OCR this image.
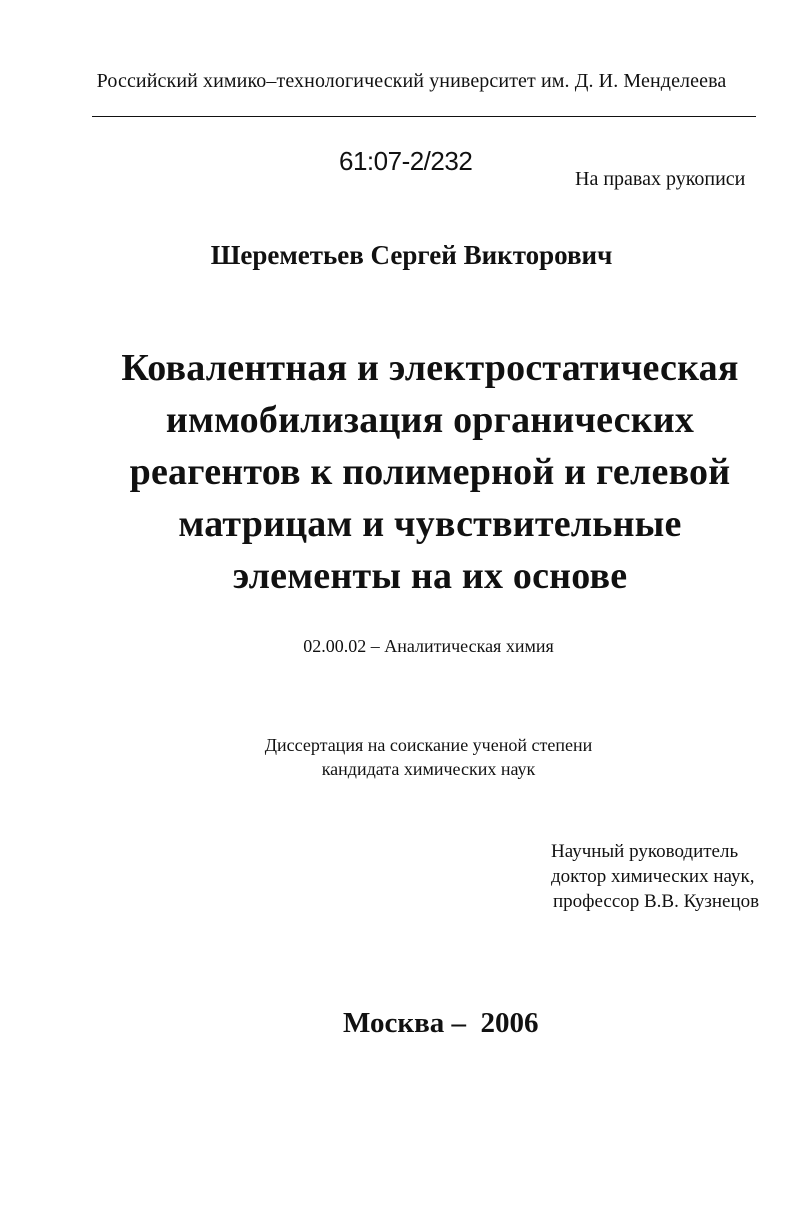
Российский химико–технологический университет им. Д. И. Менделеева
61:07-2/232
На правах рукописи
Шереметьев Сергей Викторович
Ковалентная и электростатическая
иммобилизация органических
реагентов к полимерной и гелевой
матрицам и чувствительные
элементы на их основе
02.00.02 – Аналитическая химия
Диссертация на соискание ученой степени
кандидата химических наук
Научный руководитель
доктор химических наук,
профессор В.В. Кузнецов
Москва –  2006
